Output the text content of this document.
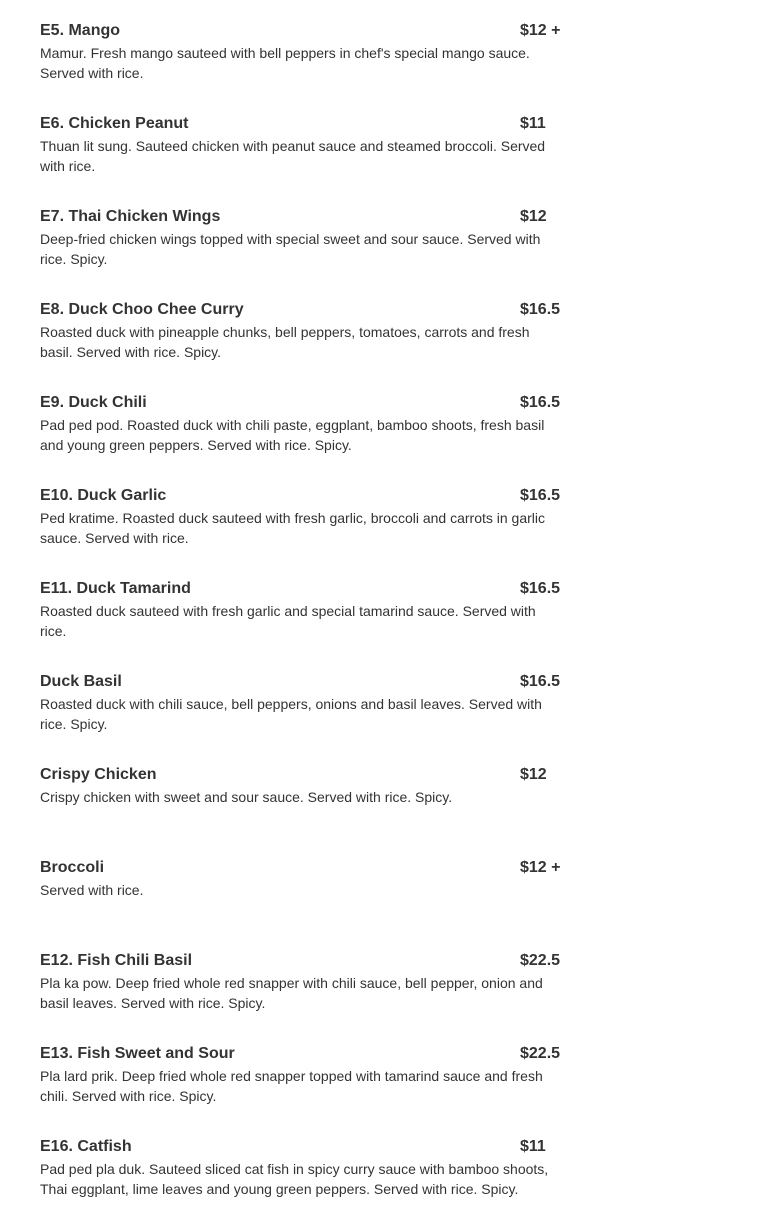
E5. Mango	$12 +
Mamur. Fresh mango sauteed with bell peppers in chef's special mango sauce. Served with rice.
E6. Chicken Peanut	$11
Thuan lit sung. Sauteed chicken with peanut sauce and steamed broccoli. Served with rice.
E7. Thai Chicken Wings	$12
Deep-fried chicken wings topped with special sweet and sour sauce. Served with rice. Spicy.
E8. Duck Choo Chee Curry	$16.5
Roasted duck with pineapple chunks, bell peppers, tomatoes, carrots and fresh basil. Served with rice. Spicy.
E9. Duck Chili	$16.5
Pad ped pod. Roasted duck with chili paste, eggplant, bamboo shoots, fresh basil and young green peppers. Served with rice. Spicy.
E10. Duck Garlic	$16.5
Ped kratime. Roasted duck sauteed with fresh garlic, broccoli and carrots in garlic sauce. Served with rice.
E11. Duck Tamarind	$16.5
Roasted duck sauteed with fresh garlic and special tamarind sauce. Served with rice.
Duck Basil	$16.5
Roasted duck with chili sauce, bell peppers, onions and basil leaves. Served with rice. Spicy.
Crispy Chicken	$12
Crispy chicken with sweet and sour sauce. Served with rice. Spicy.
Broccoli	$12 +
Served with rice.
E12. Fish Chili Basil	$22.5
Pla ka pow. Deep fried whole red snapper with chili sauce, bell pepper, onion and basil leaves. Served with rice. Spicy.
E13. Fish Sweet and Sour	$22.5
Pla lard prik. Deep fried whole red snapper topped with tamarind sauce and fresh chili. Served with rice. Spicy.
E16. Catfish	$11
Pad ped pla duk. Sauteed sliced cat fish in spicy curry sauce with bamboo shoots, Thai eggplant, lime leaves and young green peppers. Served with rice. Spicy.
